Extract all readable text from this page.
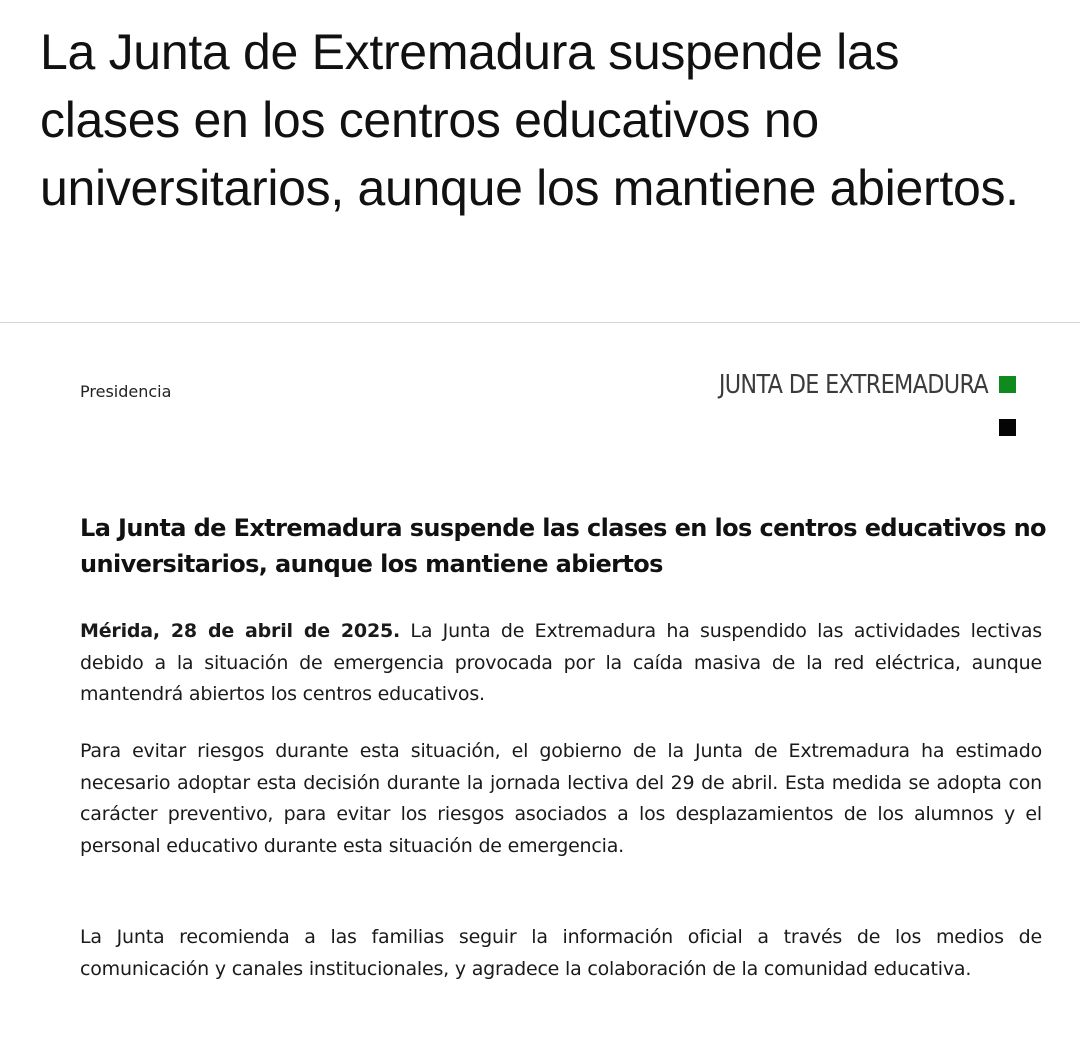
La Junta de Extremadura suspende las clases en los centros educativos no universitarios, aunque los mantiene abiertos.
Presidencia	JUNTA DE EXTREMADURA
La Junta de Extremadura suspende las clases en los centros educativos no universitarios, aunque los mantiene abiertos

Mérida, 28 de abril de 2025. La Junta de Extremadura ha suspendido las actividades lectivas debido a la situación de emergencia provocada por la caída masiva de la red eléctrica, aunque mantendrá abiertos los centros educativos.

Para evitar riesgos durante esta situación, el gobierno de la Junta de Extremadura ha estimado necesario adoptar esta decisión durante la jornada lectiva del 29 de abril. Esta medida se adopta con carácter preventivo, para evitar los riesgos asociados a los desplazamientos de los alumnos y el personal educativo durante esta situación de emergencia.

La Junta recomienda a las familias seguir la información oficial a través de los medios de comunicación y canales institucionales, y agradece la colaboración de la comunidad educativa.
